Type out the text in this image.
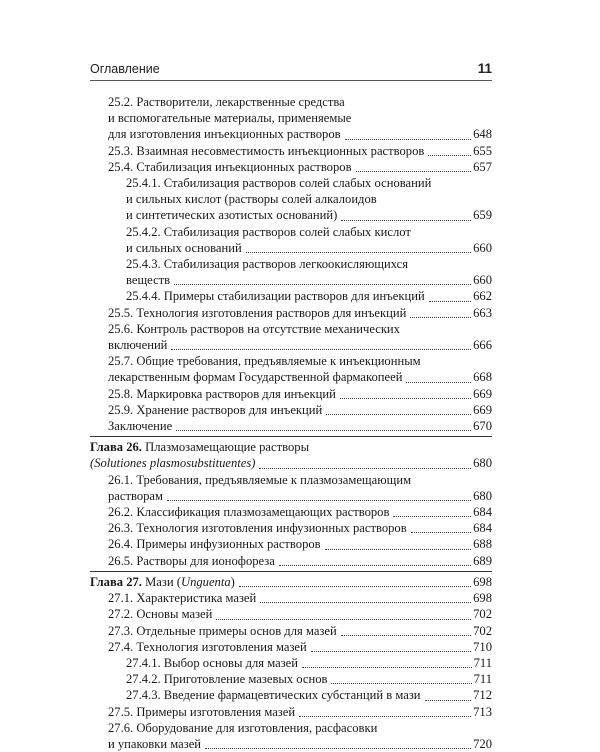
Оглавление	11
25.2. Растворители, лекарственные средства
и вспомогательные материалы, применяемые
для изготовления инъекционных растворов	648
25.3. Взаимная несовместимость инъекционных растворов	655
25.4. Стабилизация инъекционных растворов	657
25.4.1. Стабилизация растворов солей слабых оснований
и сильных кислот (растворы солей алкалоидов
и синтетических азотистых оснований)	659
25.4.2. Стабилизация растворов солей слабых кислот
и сильных оснований	660
25.4.3. Стабилизация растворов легкоокисляющихся
веществ	660
25.4.4. Примеры стабилизации растворов для инъекций	662
25.5. Технология изготовления растворов для инъекций	663
25.6. Контроль растворов на отсутствие механических
включений	666
25.7. Общие требования, предъявляемые к инъекционным
лекарственным формам Государственной фармакопеей	668
25.8. Маркировка растворов для инъекций	669
25.9. Хранение растворов для инъекций	669
Заключение	670
Глава 26. Плазмозамещающие растворы
(Solutiones plasmosubstituentes)	680
26.1. Требования, предъявляемые к плазмозамещающим
растворам	680
26.2. Классификация плазмозамещающих растворов	684
26.3. Технология изготовления инфузионных растворов	684
26.4. Примеры инфузионных растворов	688
26.5. Растворы для ионофореза	689
Глава 27. Мази (Unguenta)	698
27.1. Характеристика мазей	698
27.2. Основы мазей	702
27.3. Отдельные примеры основ для мазей	702
27.4. Технология изготовления мазей	710
27.4.1. Выбор основы для мазей	711
27.4.2. Приготовление мазевых основ	711
27.4.3. Введение фармацевтических субстанций в мази	712
27.5. Примеры изготовления мазей	713
27.6. Оборудование для изготовления, расфасовки
и упаковки мазей	720
